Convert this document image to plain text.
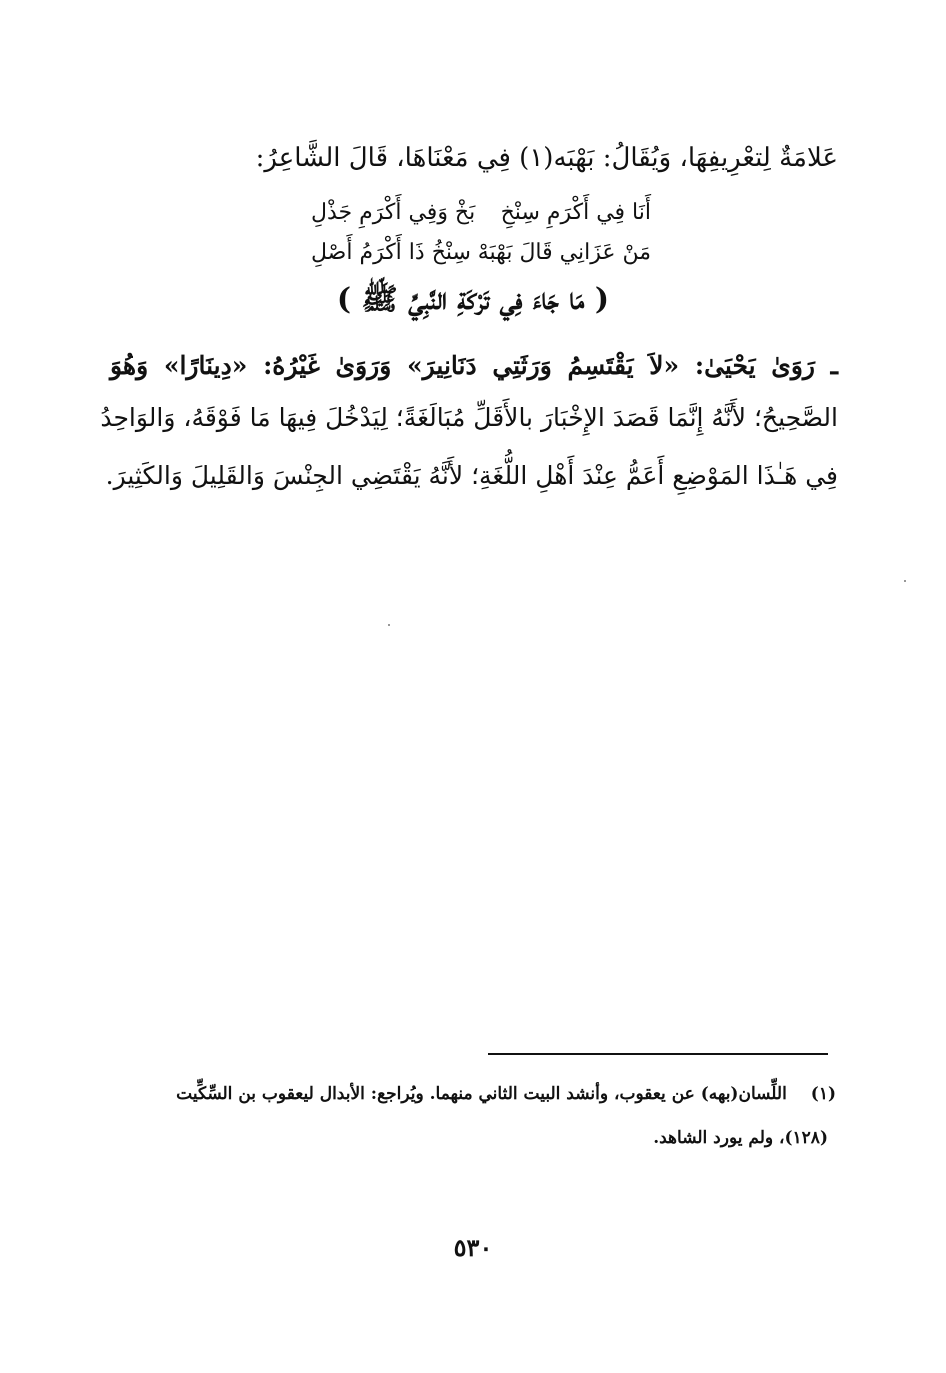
عَلامَةٌ لِتعْرِيفِهَا، وَيُقَالُ: بَهْبَه(١) فِي مَعْنَاهَا، قَالَ الشَّاعِرُ:
أَنَا فِي أَكْرَمِ سِنْخِ
بَخْ وَفِي أَكْرَمِ جَذْلِ
مَنْ عَزَانِي قَالَ بَهْبَهْ
سِنْخُ ذَا أَكْرَمُ أَصْلِ
( مَا جَاءَ فِي تَرْكَةِ النَّبِيِّ ﷺ )
ـ رَوَىٰ يَحْيَىٰ: «لاَ يَقْتَسِمُ وَرَثَتِي دَنَانِيرَ» وَرَوَىٰ غَيْرُهُ: «دِينَارًا» وَهُوَ
الصَّحِيحُ؛ لأَنَّهُ إِنَّمَا قَصَدَ الإِخْبَارَ بالأَقَلِّ مُبَالَغَةً؛ لِيَدْخُلَ فِيهَا مَا فَوْقَهُ، وَالوَاحِدُ
فِي هَـٰذَا المَوْضِعِ أَعَمُّ عِنْدَ أَهْلِ اللُّغَةِ؛ لأَنَّهُ يَقْتَضِي الجِنْسَ وَالقَلِيلَ وَالكَثِيرَ.
(١) اللِّسان(بهه) عن يعقوب، وأنشد البيت الثاني منهما. ويُراجع: الأبدال ليعقوب بن السِّكِّيت
(١٢٨)، ولم يورد الشاهد.
٥٣٠
